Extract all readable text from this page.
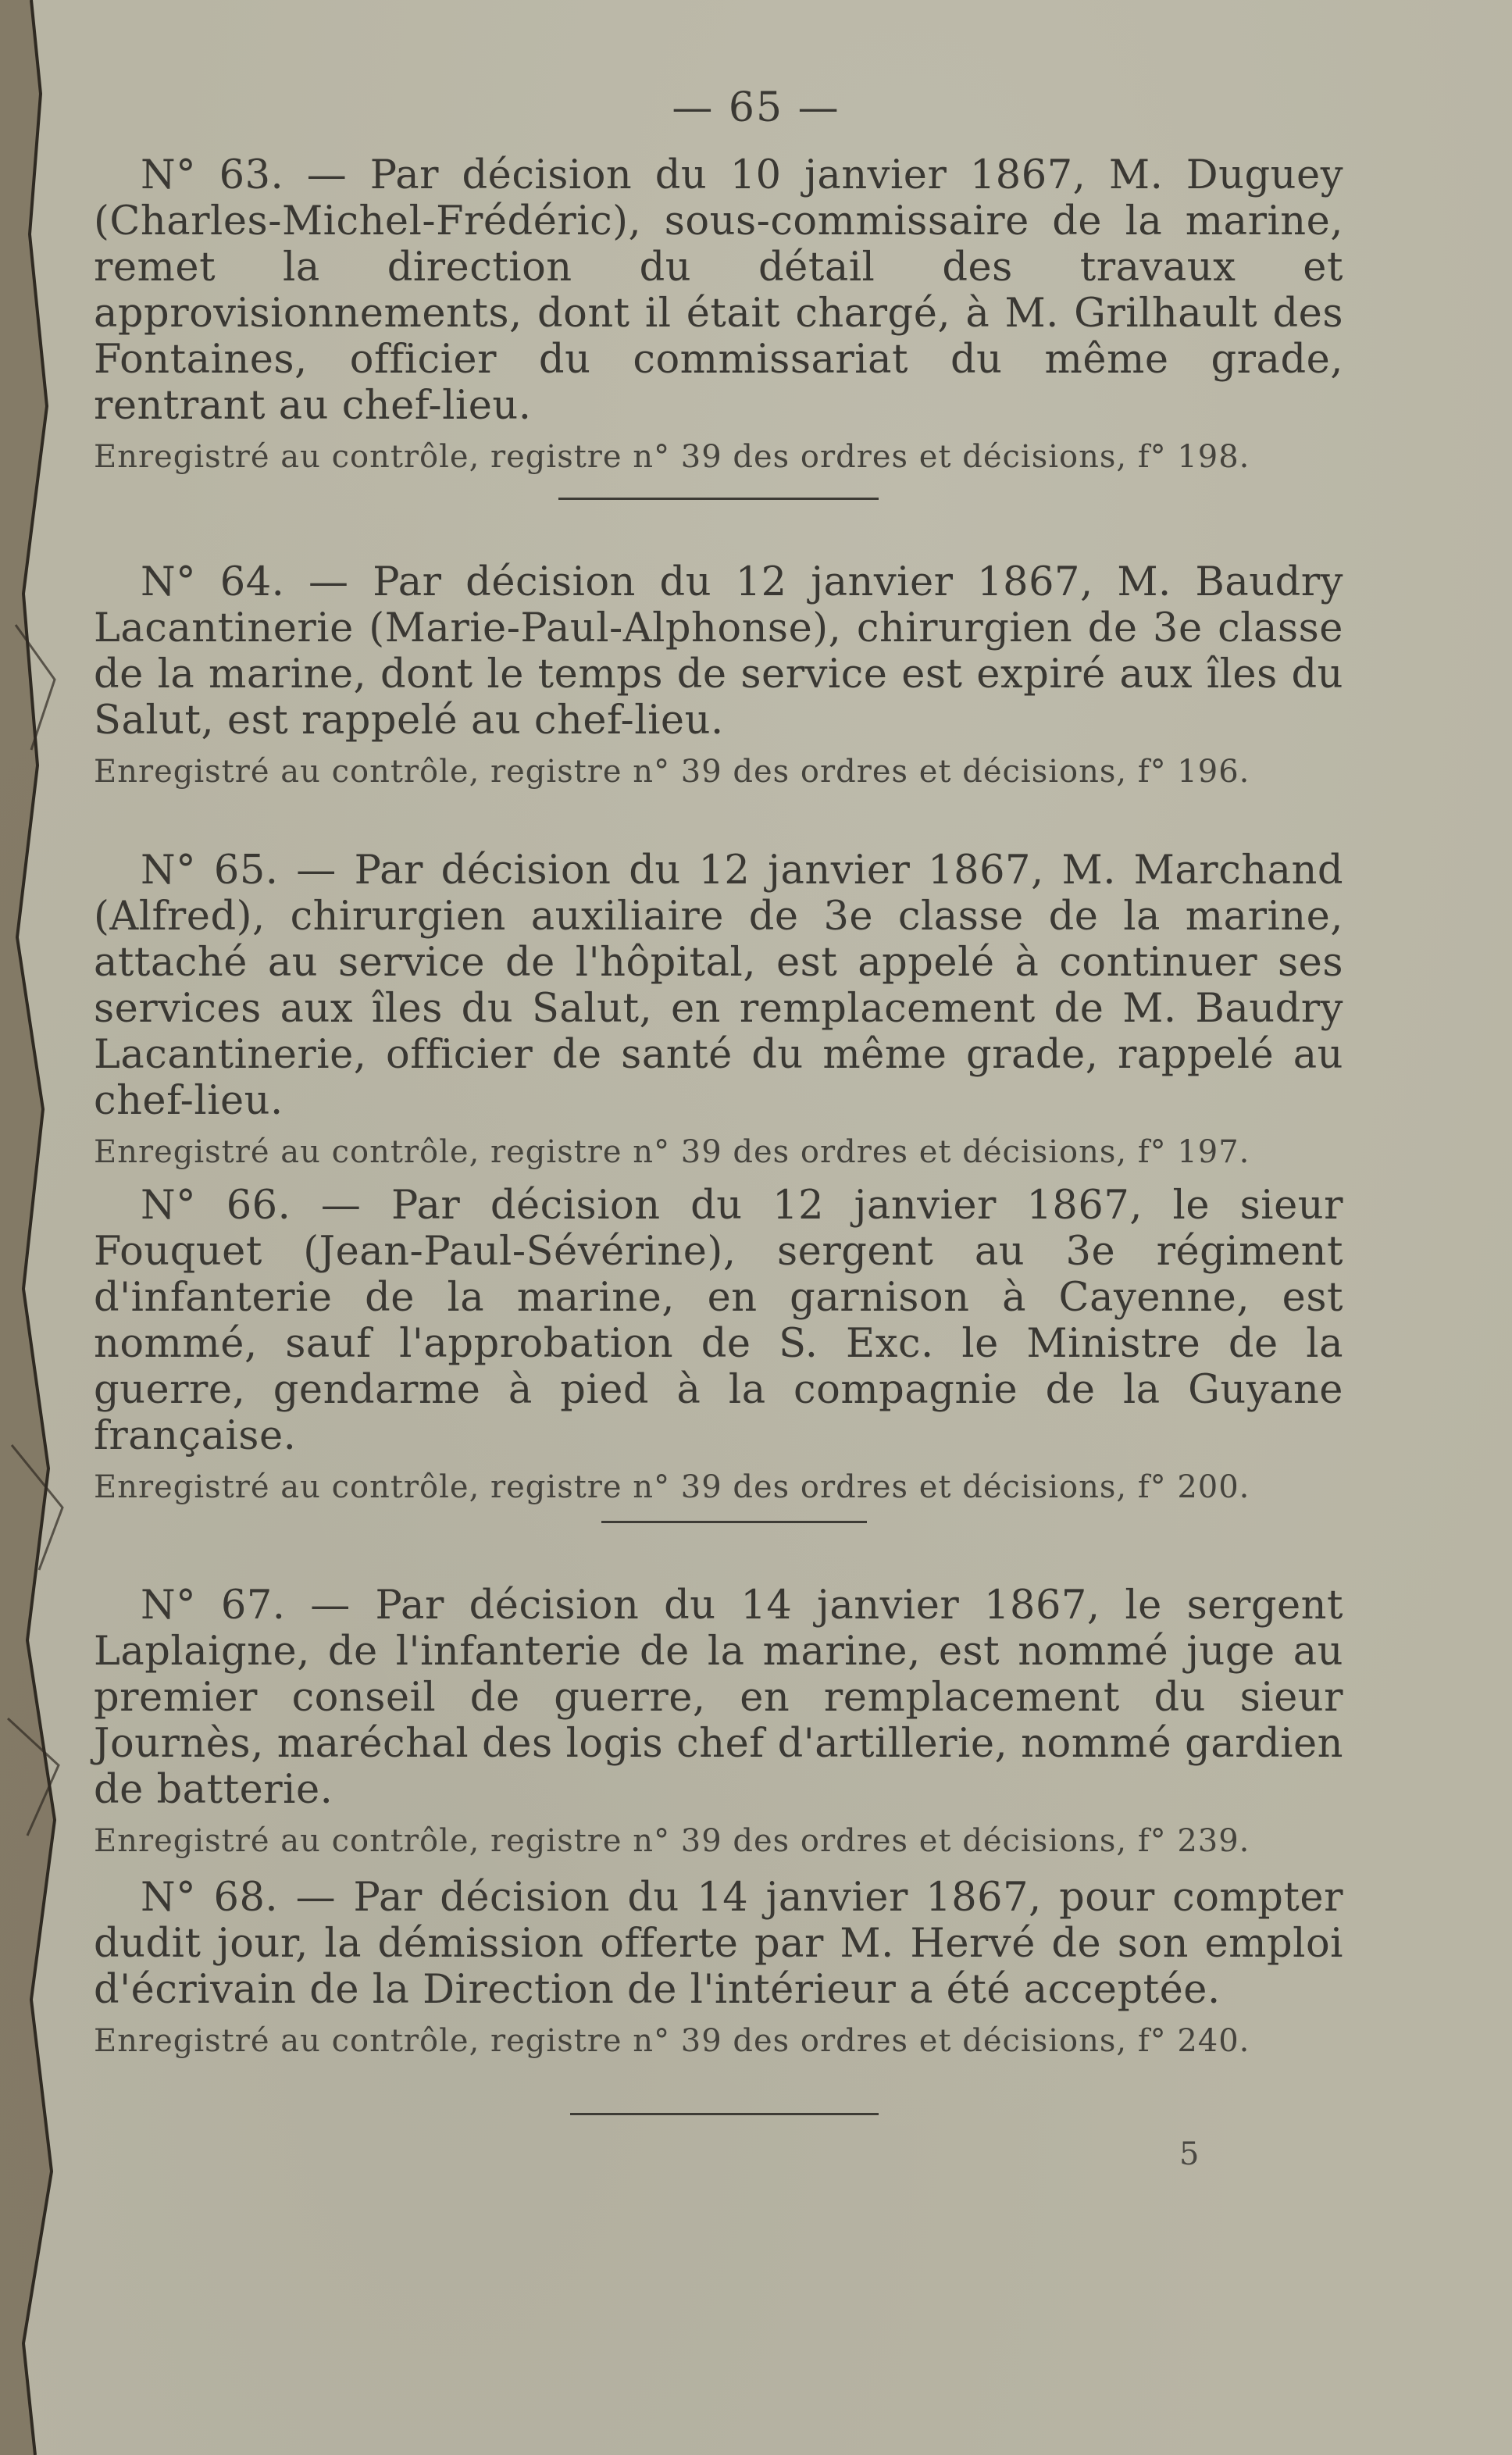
— 65 —

N° 63. — Par décision du 10 janvier 1867, M. Duguey (Charles-Michel-Frédéric), sous-commissaire de la marine, remet la direction du détail des travaux et approvisionnements, dont il était chargé, à M. Grilhault des Fontaines, officier du commissariat du même grade, rentrant au chef-lieu.

Enregistré au contrôle, registre n° 39 des ordres et décisions, f° 198.

N° 64. — Par décision du 12 janvier 1867, M. Baudry Lacantinerie (Marie-Paul-Alphonse), chirurgien de 3e classe de la marine, dont le temps de service est expiré aux îles du Salut, est rappelé au chef-lieu.

Enregistré au contrôle, registre n° 39 des ordres et décisions, f° 196.

N° 65. — Par décision du 12 janvier 1867, M. Marchand (Alfred), chirurgien auxiliaire de 3e classe de la marine, attaché au service de l'hôpital, est appelé à continuer ses services aux îles du Salut, en remplacement de M. Baudry Lacantinerie, officier de santé du même grade, rappelé au chef-lieu.

Enregistré au contrôle, registre n° 39 des ordres et décisions, f° 197.

N° 66. — Par décision du 12 janvier 1867, le sieur Fouquet (Jean-Paul-Sévérine), sergent au 3e régiment d'infanterie de la marine, en garnison à Cayenne, est nommé, sauf l'approbation de S. Exc. le Ministre de la guerre, gendarme à pied à la compagnie de la Guyane française.

Enregistré au contrôle, registre n° 39 des ordres et décisions, f° 200.

N° 67. — Par décision du 14 janvier 1867, le sergent Laplaigne, de l'infanterie de la marine, est nommé juge au premier conseil de guerre, en remplacement du sieur Journès, maréchal des logis chef d'artillerie, nommé gardien de batterie.

Enregistré au contrôle, registre n° 39 des ordres et décisions, f° 239.

N° 68. — Par décision du 14 janvier 1867, pour compter dudit jour, la démission offerte par M. Hervé de son emploi d'écrivain de la Direction de l'intérieur a été acceptée.

Enregistré au contrôle, registre n° 39 des ordres et décisions, f° 240.

5
